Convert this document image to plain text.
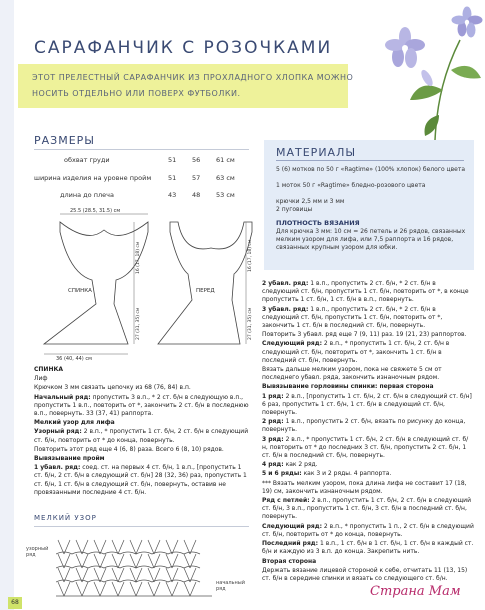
САРАФАНЧИК С РОЗОЧКАМИ
ЭТОТ ПРЕЛЕСТНЫЙ САРАФАНЧИК ИЗ ПРОХЛАДНОГО ХЛОПКА МОЖНО НОСИТЬ ОТДЕЛЬНО ИЛИ ПОВЕРХ ФУТБОЛКИ.
РАЗМЕРЫ
обхват груди	51 56 61 см
ширина изделия на уровне пройм	51 57 63 см
длина до плеча	43 48 53 см
25.5 (28.5, 31.5) см
36 (40, 44) см
СПИНКА	ПЕРЕД
16 (17, 18) см
27 (31, 35) см
16 (17, 18) см
27 (31, 35) см
МАТЕРИАЛЫ
5 (6) мотков по 50 г «Ragtime» (100% хлопок) белого цвета
1 моток 50 г «Ragtime» бледно-розового цвета
крючки 2,5 мм и 3 мм
2 пуговицы
ПЛОТНОСТЬ ВЯЗАНИЯ
Для крючка 3 мм: 10 см = 26 петель и 26 рядов, связанных мелким узором для лифа, или 7,5 раппорта и 16 рядов, связанных крупным узором для юбки.

СПИНКА

Лиф

Крючком 3 мм связать цепочку из 68 (76, 84) в.п.

Начальный ряд: пропустить 3 в.п., * 2 ст. б/н в следующую в.п., пропустить 1 в.п., повторить от *, закончить 2 ст. б/н в последнюю в.п., повернуть. 33 (37, 41) раппорта.

Мелкий узор для лифа

Узорный ряд: 2 в.п., * пропустить 1 ст. б/н, 2 ст. б/н в следующий ст. б/н, повторить от * до конца, повернуть.

Повторить этот ряд еще 4 (6, 8) раза. Всего 6 (8, 10) рядов.

Вывязывание пройм

1 убавл. ряд: соед. ст. на первых 4 ст. б/н, 1 в.п., [пропустить 1 ст. б/н, 2 ст. б/н в следующий ст. б/н] 28 (32, 36) раз, пропустить 1 ст. б/н, 1 ст. б/н в следующий ст. б/н, повернуть, оставив не провязанными последние 4 ст. б/н.

2 убавл. ряд: 1 в.п., пропустить 2 ст. б/н, * 2 ст. б/н в следующий ст. б/н, пропустить 1 ст. б/н, повторить от *, в конце пропустить 1 ст. б/н, 1 ст. б/н в в.п., повернуть.

3 убавл. ряд: 1 в.п., пропустить 2 ст. б/н, * 2 ст. б/н в следующий ст. б/н, пропустить 1 ст. б/н, повторить от *, закончить 1 ст. б/н в последний ст. б/н, повернуть.

Повторить 3 убавл. ряд еще 7 (9, 11) раз. 19 (21, 23) раппортов.

Следующий ряд: 2 в.п., * пропустить 1 ст. б/н, 2 ст. б/н в следующий ст. б/н, повторить от *, закончить 1 ст. б/н в последний ст. б/н, повернуть.

Вязать дальше мелким узором, пока не свяжете 5 см от последнего убавл. ряда, закончить изнаночным рядом.

Вывязывание горловины спинки: первая сторона

1 ряд: 2 в.п., [пропустить 1 ст. б/н, 2 ст. б/н в следующий ст. б/н] 6 раз, пропустить 1 ст. б/н, 1 ст. б/н в следующий ст. б/н, повернуть.

2 ряд: 1 в.п., пропустить 2 ст. б/н, вязать по рисунку до конца, повернуть.

3 ряд: 2 в.п., * пропустить 1 ст. б/н, 2 ст. б/н в следующий ст. б/н, повторить от * до последних 3 ст. б/н, пропустить 2 ст. б/н, 1 ст. б/н в последний ст. б/н, повернуть.

4 ряд: как 2 ряд.

5 и 6 ряды: как 3 и 2 ряды. 4 раппорта.

*** Вязать мелким узором, пока длина лифа не составит 17 (18, 19) см, закончить изнаночным рядом.

Ряд с петлей: 2 в.п., пропустить 1 ст. б/н, 2 ст. б/н в следующий ст. б/н, 3 в.п., пропустить 1 ст. б/н, 3 ст. б/н в последний ст. б/н, повернуть.

Следующий ряд: 2 в.п., * пропустить 1 п., 2 ст. б/н в следующий ст. б/н, повторить от * до конца, повернуть.

Последний ряд: 1 в.п., 1 ст. б/н в 1 ст. б/н, 1 ст. б/н в каждый ст. б/н и каждую из 3 в.п. до конца. Закрепить нить.

Вторая сторона

Держать вязание лицевой стороной к себе, отчитать 11 (13, 15) ст. б/н в середине спинки и вязать со следующего ст. б/н.

МЕЛКИЙ УЗОР
узорный ряд
начальный ряд
68
Страна Мам
